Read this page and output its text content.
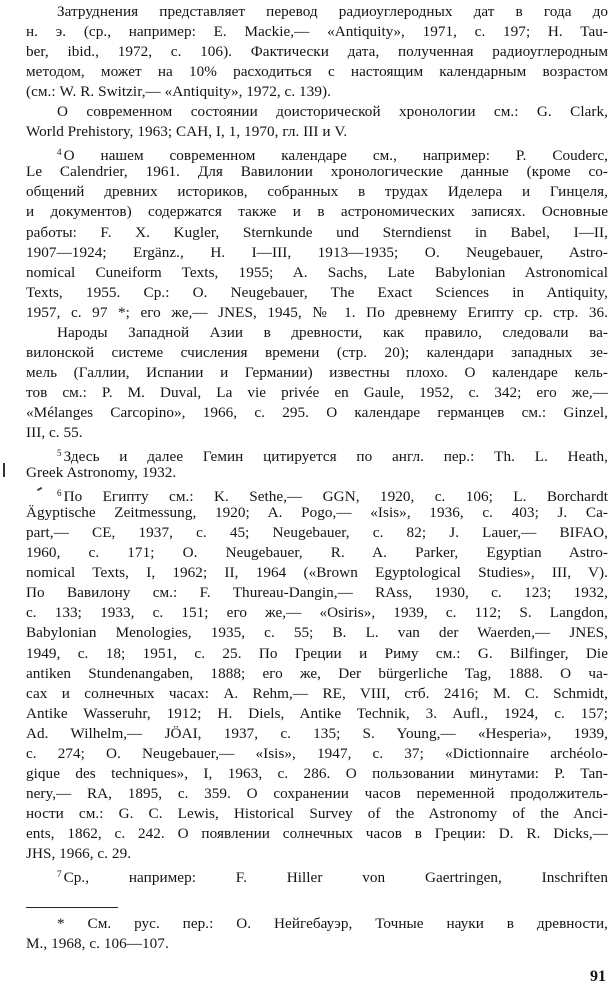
Затруднения представляет перевод радиоуглеродных дат в года до
н. э. (ср., например: E. Mackie,— «Antiquity», 1971, с. 197; H. Tau-
ber, ibid., 1972, с. 106). Фактически дата, полученная радиоуглеродным
методом, может на 10% расходиться с настоящим календарным возрастом
(см.: W. R. Switzir,— «Antiquity», 1972, с. 139).
О современном состоянии доисторической хронологии см.: G. Clark,
World Prehistory, 1963; CAH, I, 1, 1970, гл. III и V.
$^4$ О нашем современном календаре см., например: P. Couderc,
Le Calendrier, 1961. Для Вавилонии хронологические данные (кроме со-
общений древних историков, собранных в трудах Иделера и Гинцеля,
и документов) содержатся также и в астрономических записях. Основные
работы: F. X. Kugler, Sternkunde und Sterndienst in Babel, I—II,
1907—1924; Ergänz., H. I—III, 1913—1935; O. Neugebauer, Astro-
nomical Cuneiform Texts, 1955; A. Sachs, Late Babylonian Astronomical
Texts, 1955. Ср.: O. Neugebauer, The Exact Sciences in Antiquity,
1957, с. 97 *; его же,— JNES, 1945, № 1. По древнему Египту ср. стр. 36.
Народы Западной Азии в древности, как правило, следовали ва-
вилонской системе счисления времени (стр. 20); календари западных зе-
мель (Галлии, Испании и Германии) известны плохо. О календаре кель-
тов см.: P. M. Duval, La vie privée en Gaule, 1952, с. 342; его же,—
«Mélanges Carcopino», 1966, с. 295. О календаре германцев см.: Ginzel,
III, с. 55.
$^5$ Здесь и далее Гемин цитируется по англ. пер.: Th. L. Heath,
Greek Astronomy, 1932.
$^6$ По Египту см.: K. Sethe,— GGN, 1920, с. 106; L. Borchardt
Ägyptische Zeitmessung, 1920; A. Pogo,— «Isis», 1936, с. 403; J. Ca-
part,— CE, 1937, с. 45; Neugebauer, с. 82; J. Lauer,— BIFAO,
1960, с. 171; O. Neugebauer, R. A. Parker, Egyptian Astro-
nomical Texts, I, 1962; II, 1964 («Brown Egyptological Studies», III, V).
По Вавилону см.: F. Thureau-Dangin,— RAss, 1930, с. 123; 1932,
с. 133; 1933, с. 151; его же,— «Osiris», 1939, с. 112; S. Langdon,
Babylonian Menologies, 1935, с. 55; B. L. van der Waerden,— JNES,
1949, с. 18; 1951, с. 25. По Греции и Риму см.: G. Bilfinger, Die
antiken Stundenangaben, 1888; его же, Der bürgerliche Tag, 1888. О ча-
сах и солнечных часах: A. Rehm,— RE, VIII, стб. 2416; M. C. Schmidt,
Antike Wasseruhr, 1912; H. Diels, Antike Technik, 3. Aufl., 1924, с. 157;
Ad. Wilhelm,— JÖAI, 1937, с. 135; S. Young,— «Hesperia», 1939,
с. 274; O. Neugebauer,— «Isis», 1947, с. 37; «Dictionnaire archéolo-
gique des techniques», I, 1963, с. 286. О пользовании минутами: P. Tan-
nery,— RA, 1895, с. 359. О сохранении часов переменной продолжитель-
ности см.: G. C. Lewis, Historical Survey of the Astronomy of the Anci-
ents, 1862, с. 242. О появлении солнечных часов в Греции: D. R. Dicks,—
JHS, 1966, с. 29.
$^7$ Ср., например: F. Hiller von Gaertringen, Inschriften
* См. рус. пер.: О. Нейгебауэр, Точные науки в древности,
М., 1968, с. 106—107.
91
